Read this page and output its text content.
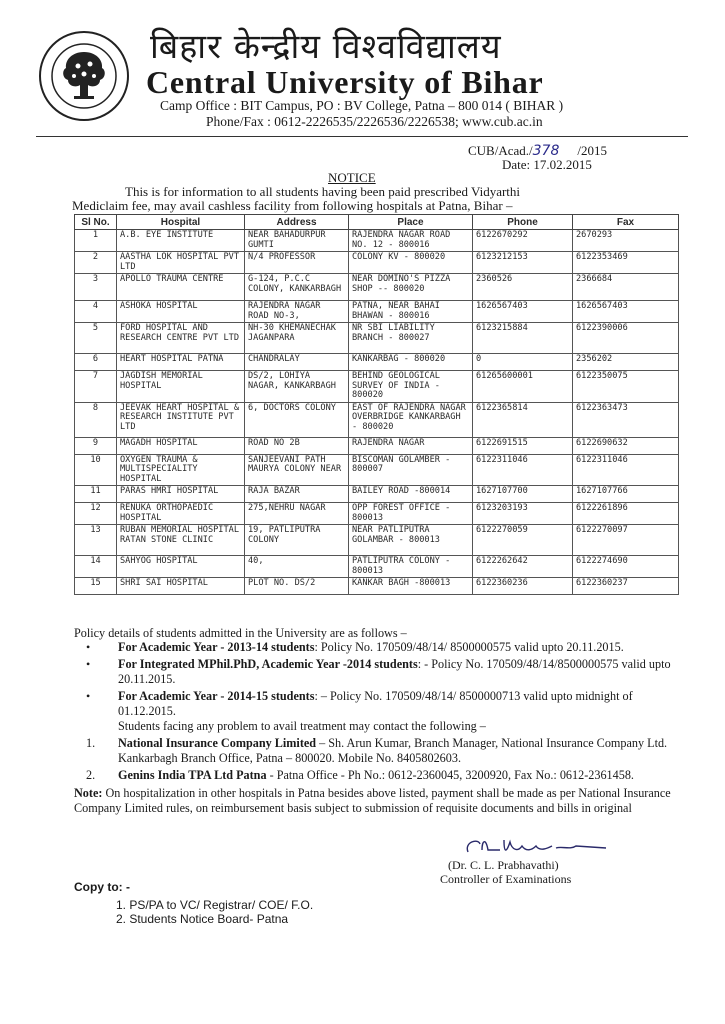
बिहार केन्द्रीय विश्वविद्यालय
Central University of Bihar
Camp Office : BIT Campus, PO : BV College, Patna – 800 014 ( BIHAR )
Phone/Fax : 0612-2226535/2226536/2226538; www.cub.ac.in
CUB/Acad./378 /2015
Date: 17.02.2015
NOTICE
This is for information to all students having been paid prescribed Vidyarthi
Mediclaim fee, may avail cashless facility from following hospitals at Patna, Bihar –
Sl No.	Hospital	Address	Place	Phone	Fax
1	A.B. EYE INSTITUTE	NEAR BAHADURPUR GUMTI	RAJENDRA NAGAR ROAD NO. 12 - 800016	6122670292	2670293
2	AASTHA LOK HOSPITAL PVT LTD	N/4 PROFESSOR	COLONY KV - 800020	6123212153	6122353469
3	APOLLO TRAUMA CENTRE	G-124, P.C.C COLONY, KANKARBAGH	NEAR DOMINO'S PIZZA SHOP -- 800020	2360526	2366684
4	ASHOKA HOSPITAL	RAJENDRA NAGAR ROAD NO-3,	PATNA, NEAR BAHAI BHAWAN - 800016	1626567403	1626567403
5	FORD HOSPITAL AND RESEARCH CENTRE PVT LTD	NH-30 KHEMANECHAK JAGANPARA	NR SBI LIABILITY BRANCH - 800027	6123215884	6122390006
6	HEART HOSPITAL PATNA	CHANDRALAY	KANKARBAG - 800020	0	2356202
7	JAGDISH MEMORIAL HOSPITAL	DS/2, LOHIYA NAGAR, KANKARBAGH	BEHIND GEOLOGICAL SURVEY OF INDIA - 800020	61265600001	6122350075
8	JEEVAK HEART HOSPITAL & RESEARCH INSTITUTE PVT LTD	6, DOCTORS COLONY	EAST OF RAJENDRA NAGAR OVERBRIDGE KANKARBAGH - 800020	6122365814	6122363473
9	MAGADH HOSPITAL	ROAD NO 2B	RAJENDRA NAGAR	6122691515	6122690632
10	OXYGEN TRAUMA & MULTISPECIALITY HOSPITAL	SANJEEVANI PATH MAURYA COLONY NEAR	BISCOMAN GOLAMBER - 800007	6122311046	6122311046
11	PARAS HMRI HOSPITAL	RAJA BAZAR	BAILEY ROAD -800014	1627107700	1627107766
12	RENUKA ORTHOPAEDIC HOSPITAL	275,NEHRU NAGAR	OPP FOREST OFFICE - 800013	6123203193	6122261896
13	RUBAN MEMORIAL HOSPITAL RATAN STONE CLINIC	19, PATLIPUTRA COLONY	NEAR PATLIPUTRA GOLAMBAR - 800013	6122270059	6122270097
14	SAHYOG HOSPITAL	40,	PATLIPUTRA COLONY - 800013	6122262642	6122274690
15	SHRI SAI HOSPITAL	PLOT NO. DS/2	KANKAR BAGH -800013	6122360236	6122360237
Policy details of students admitted in the University are as follows –
• For Academic Year - 2013-14 students: Policy No. 170509/48/14/ 8500000575 valid upto 20.11.2015.
• For Integrated MPhil.PhD, Academic Year -2014 students: - Policy No. 170509/48/14/8500000575 valid upto 20.11.2015.
• For Academic Year - 2014-15 students: – Policy No. 170509/48/14/ 8500000713 valid upto midnight of 01.12.2015.
Students facing any problem to avail treatment may contact the following –
1. National Insurance Company Limited – Sh. Arun Kumar, Branch Manager, National Insurance Company Ltd. Kankarbagh Branch Office, Patna – 800020. Mobile No. 8405802603.
2. Genins India TPA Ltd Patna - Patna Office - Ph No.: 0612-2360045, 3200920, Fax No.: 0612-2361458.
Note: On hospitalization in other hospitals in Patna besides above listed, payment shall be made as per National Insurance Company Limited rules, on reimbursement basis subject to submission of requisite documents and bills in original
(Dr. C. L. Prabhavathi)
Controller of Examinations
Copy to: -
1. PS/PA to VC/ Registrar/ COE/ F.O.
2. Students Notice Board- Patna
